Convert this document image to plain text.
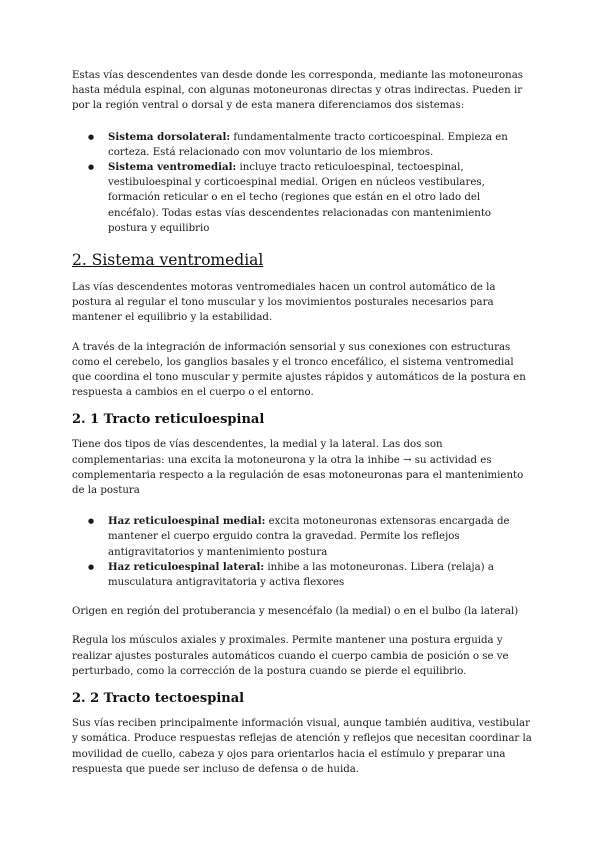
Estas vías descendentes van desde donde les corresponda, mediante las motoneuronas hasta médula espinal, con algunas motoneuronas directas y otras indirectas. Pueden ir por la región ventral o dorsal y de esta manera diferenciamos dos sistemas:

● Sistema dorsolateral: fundamentalmente tracto corticoespinal. Empieza en corteza. Está relacionado con mov voluntario de los miembros.
● Sistema ventromedial: incluye tracto reticuloespinal, tectoespinal, vestibuloespinal y corticoespinal medial. Origen en núcleos vestibulares, formación reticular o en el techo (regiones que están en el otro lado del encéfalo). Todas estas vías descendentes relacionadas con mantenimiento postura y equilibrio
2. Sistema ventromedial

Las vías descendentes motoras ventromediales hacen un control automático de la postura al regular el tono muscular y los movimientos posturales necesarios para mantener el equilibrio y la estabilidad.

A través de la integración de información sensorial y sus conexiones con estructuras como el cerebelo, los ganglios basales y el tronco encefálico, el sistema ventromedial que coordina el tono muscular y permite ajustes rápidos y automáticos de la postura en respuesta a cambios en el cuerpo o el entorno.

2. 1 Tracto reticuloespinal

Tiene dos tipos de vías descendentes, la medial y la lateral. Las dos son complementarias: una excita la motoneurona y la otra la inhibe → su actividad es complementaria respecto a la regulación de esas motoneuronas para el mantenimiento de la postura

● Haz reticuloespinal medial: excita motoneuronas extensoras encargada de mantener el cuerpo erguido contra la gravedad. Permite los reflejos antigravitatorios y mantenimiento postura
● Haz reticuloespinal lateral: inhibe a las motoneuronas. Libera (relaja) a musculatura antigravitatoria y activa flexores

Origen en región del protuberancia y mesencéfalo (la medial) o en el bulbo (la lateral)

Regula los músculos axiales y proximales. Permite mantener una postura erguida y realizar ajustes posturales automáticos cuando el cuerpo cambia de posición o se ve perturbado, como la corrección de la postura cuando se pierde el equilibrio.

2. 2 Tracto tectoespinal

Sus vías reciben principalmente información visual, aunque también auditiva, vestibular y somática. Produce respuestas reflejas de atención y reflejos que necesitan coordinar la movilidad de cuello, cabeza y ojos para orientarlos hacia el estímulo y preparar una respuesta que puede ser incluso de defensa o de huida.
